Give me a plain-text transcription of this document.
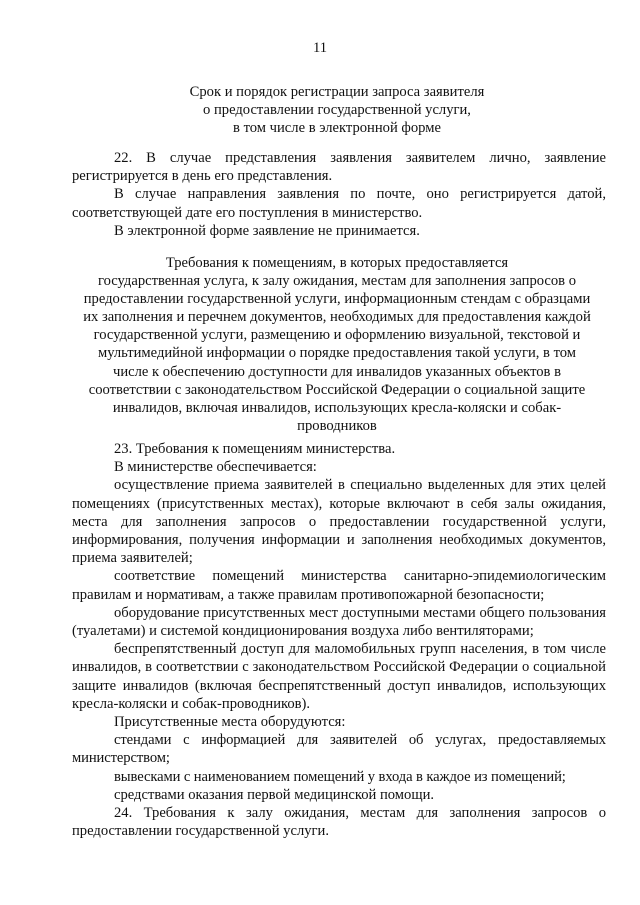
11
Срок и порядок регистрации запроса заявителя
о предоставлении государственной услуги,
в том числе в электронной форме

22. В случае представления заявления заявителем лично, заявление регистрируется в день его представления.

В случае направления заявления по почте, оно регистрируется датой, соответствующей дате его поступления в министерство.

В электронной форме заявление не принимается.

Требования к помещениям, в которых предоставляется
государственная услуга, к залу ожидания, местам для заполнения запросов о
предоставлении государственной услуги, информационным стендам с образцами
их заполнения и перечнем документов, необходимых для предоставления каждой
государственной услуги, размещению и оформлению визуальной, текстовой и
мультимедийной информации о порядке предоставления такой услуги, в том
числе к обеспечению доступности для инвалидов указанных объектов в
соответствии с законодательством Российской Федерации о социальной защите
инвалидов, включая инвалидов, использующих кресла-коляски и собак-
проводников

23. Требования к помещениям министерства.

В министерстве обеспечивается:

осуществление приема заявителей в специально выделенных для этих целей помещениях (присутственных местах), которые включают в себя залы ожидания, места для заполнения запросов о предоставлении государственной услуги, информирования, получения информации и заполнения необходимых документов, приема заявителей;

соответствие помещений министерства санитарно-эпидемиологическим правилам и нормативам, а также правилам противопожарной безопасности;

оборудование присутственных мест доступными местами общего пользования (туалетами) и системой кондиционирования воздуха либо вентиляторами;

беспрепятственный доступ для маломобильных групп населения, в том числе инвалидов, в соответствии с законодательством Российской Федерации о социальной защите инвалидов (включая беспрепятственный доступ инвалидов, использующих кресла-коляски и собак-проводников).

Присутственные места оборудуются:

стендами с информацией для заявителей об услугах, предоставляемых министерством;

вывесками с наименованием помещений у входа в каждое из помещений;

средствами оказания первой медицинской помощи.

24. Требования к залу ожидания, местам для заполнения запросов о предоставлении государственной услуги.
